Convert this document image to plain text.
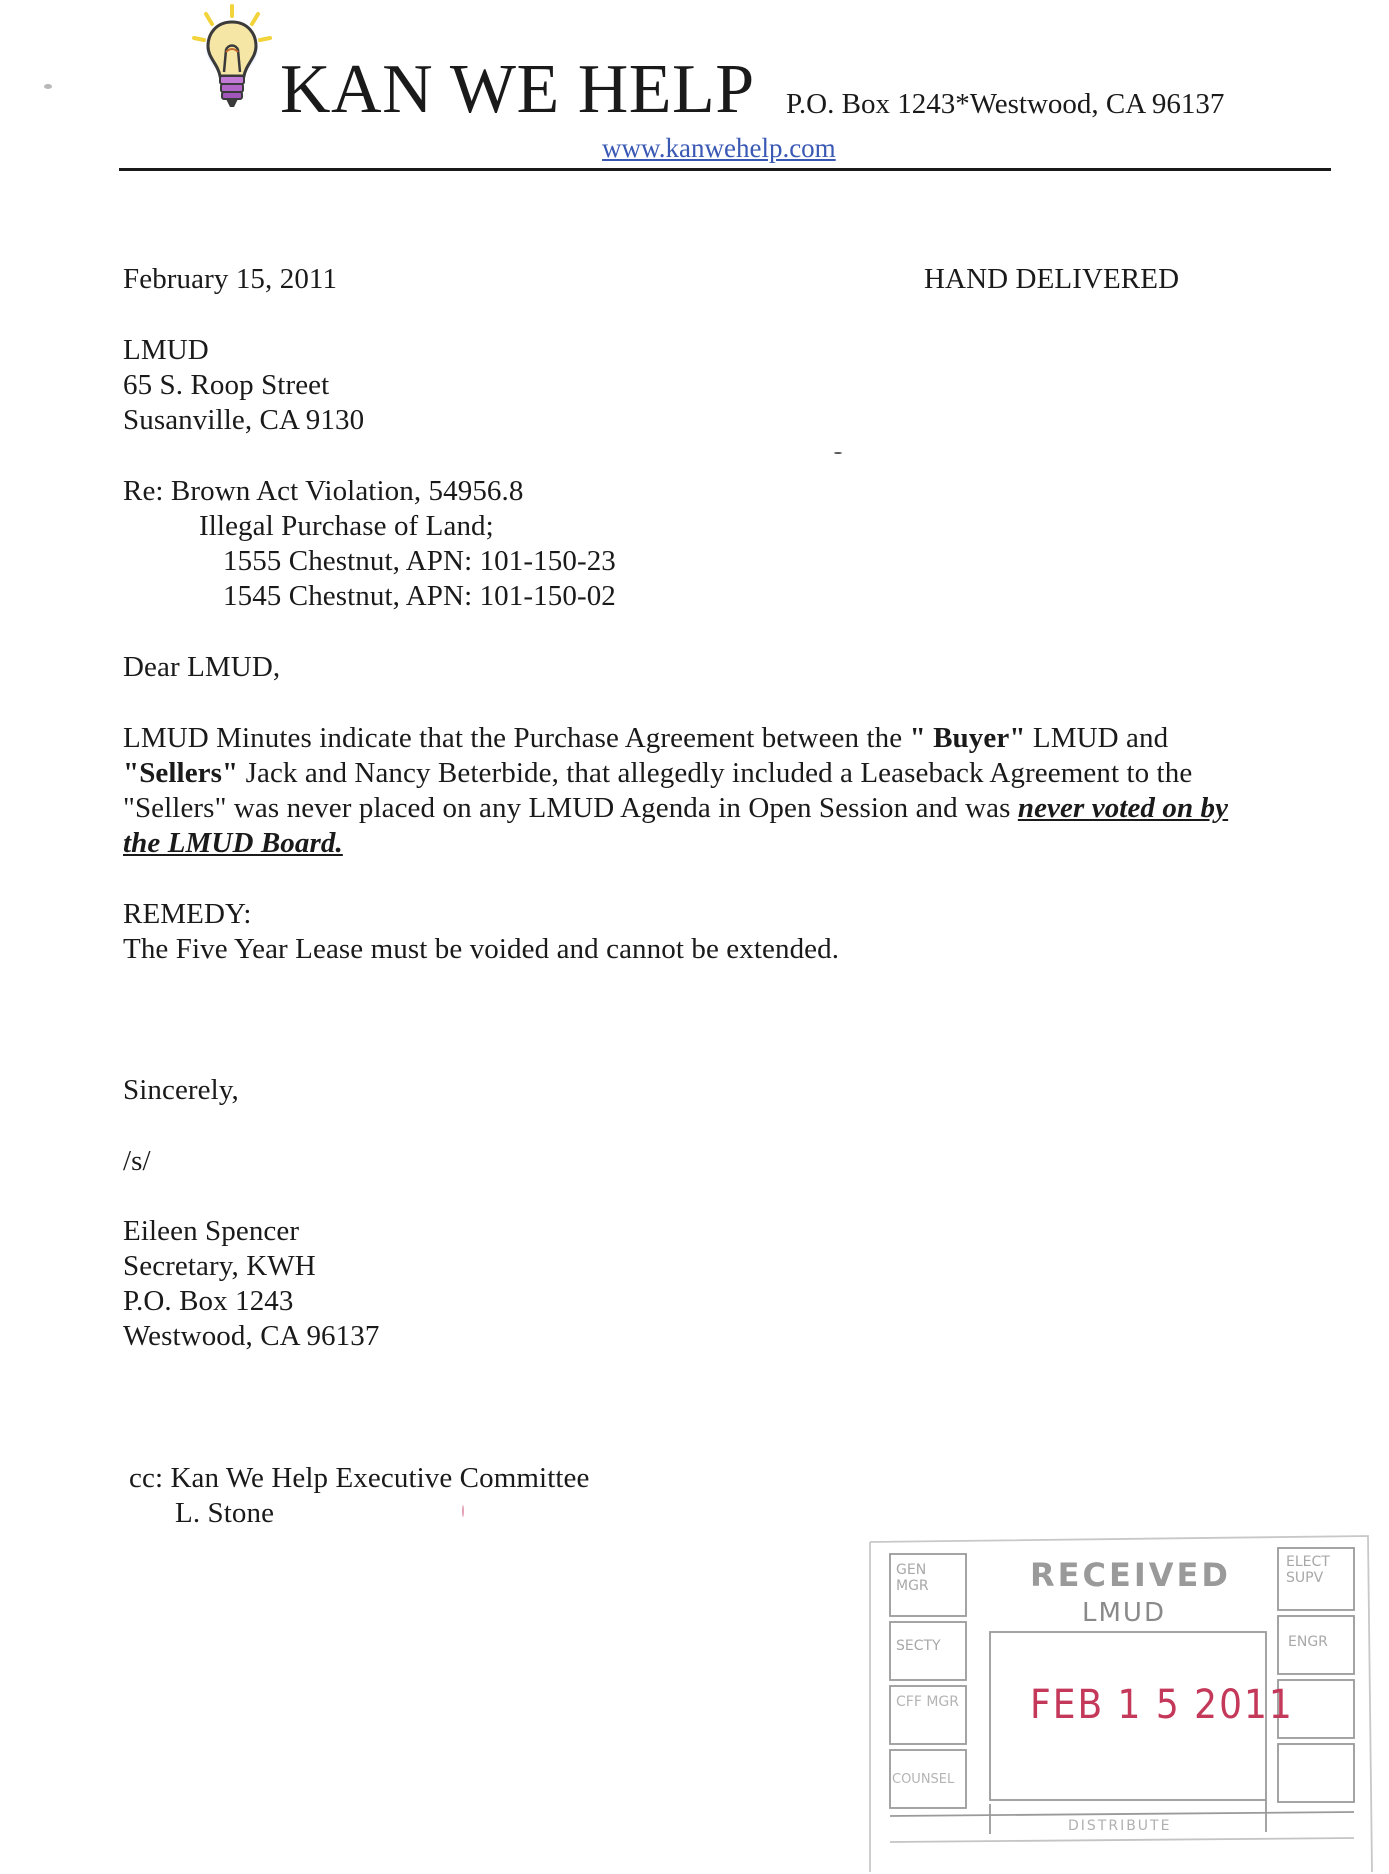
KAN WE HELP P.O. Box 1243*Westwood, CA 96137
www.kanwehelp.com
February 15, 2011	HAND DELIVERED
LMUD
65 S. Roop Street
Susanville, CA 9130
Re: Brown Act Violation, 54956.8
Illegal Purchase of Land;
1555 Chestnut, APN: 101-150-23
1545 Chestnut, APN: 101-150-02
Dear LMUD,
LMUD Minutes indicate that the Purchase Agreement between the " Buyer" LMUD and
"Sellers" Jack and Nancy Beterbide, that allegedly included a Leaseback Agreement to the
"Sellers" was never placed on any LMUD Agenda in Open Session and was never voted on by
the LMUD Board.
REMEDY:
The Five Year Lease must be voided and cannot be extended.
Sincerely,
/s/
Eileen Spencer
Secretary, KWH
P.O. Box 1243
Westwood, CA 96137
cc: Kan We Help Executive Committee
L. Stone
RECEIVED
LMUD
FEB 1 5 2011
GEN MGR
SECTY
CFF MGR
COUNSEL
ELECT SUPV
ENGR
DISTRIBUTE
